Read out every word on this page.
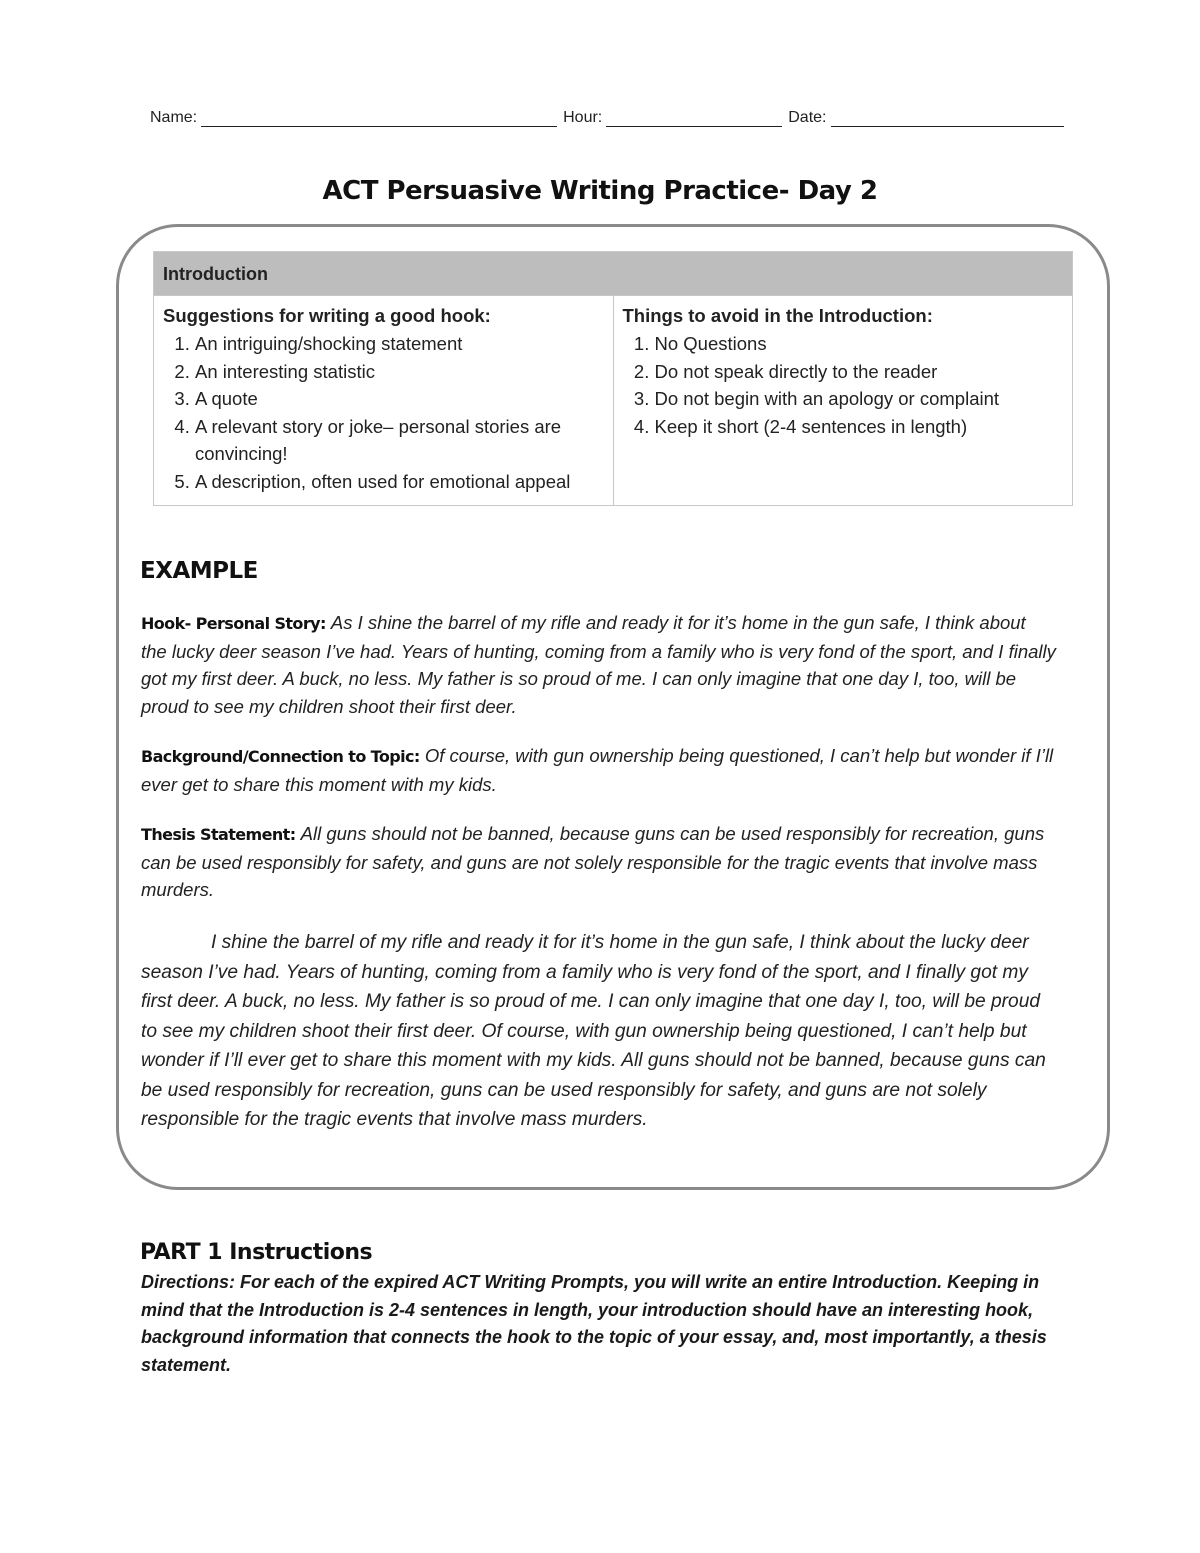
Name:	Hour:	Date:
ACT Persuasive Writing Practice- Day 2
Introduction

Suggestions for writing a good hook:
1. An intriguing/shocking statement
2. An interesting statistic
3. A quote
4. A relevant story or joke– personal stories are convincing!
5. A description, often used for emotional appeal

Things to avoid in the Introduction:
1. No Questions
2. Do not speak directly to the reader
3. Do not begin with an apology or complaint
4. Keep it short (2-4 sentences in length)
EXAMPLE

Hook- Personal Story: As I shine the barrel of my rifle and ready it for it’s home in the gun safe, I think about the lucky deer season I’ve had. Years of hunting, coming from a family who is very fond of the sport, and I finally got my first deer. A buck, no less. My father is so proud of me. I can only imagine that one day I, too, will be proud to see my children shoot their first deer.

Background/Connection to Topic: Of course, with gun ownership being questioned, I can’t help but wonder if I’ll ever get to share this moment with my kids.

Thesis Statement: All guns should not be banned, because guns can be used responsibly for recreation, guns can be used responsibly for safety, and guns are not solely responsible for the tragic events that involve mass murders.

I shine the barrel of my rifle and ready it for it’s home in the gun safe, I think about the lucky deer season I’ve had. Years of hunting, coming from a family who is very fond of the sport, and I finally got my first deer. A buck, no less. My father is so proud of me. I can only imagine that one day I, too, will be proud to see my children shoot their first deer. Of course, with gun ownership being questioned, I can’t help but wonder if I’ll ever get to share this moment with my kids. All guns should not be banned, because guns can be used responsibly for recreation, guns can be used responsibly for safety, and guns are not solely responsible for the tragic events that involve mass murders.

PART 1 Instructions

Directions: For each of the expired ACT Writing Prompts, you will write an entire Introduction. Keeping in mind that the Introduction is 2-4 sentences in length, your introduction should have an interesting hook, background information that connects the hook to the topic of your essay, and, most importantly, a thesis statement.
